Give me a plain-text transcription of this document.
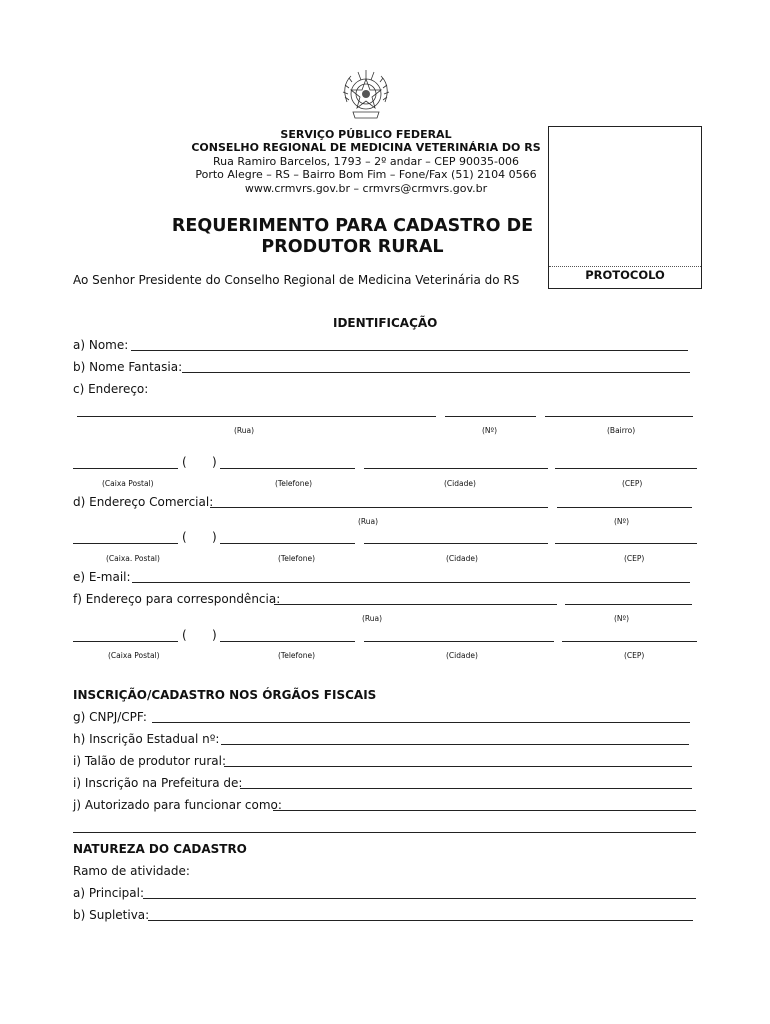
SERVIÇO PÚBLICO FEDERAL
CONSELHO REGIONAL DE MEDICINA VETERINÁRIA DO RS
Rua Ramiro Barcelos, 1793 – 2º andar – CEP 90035-006
Porto Alegre – RS – Bairro Bom Fim – Fone/Fax (51) 2104 0566
www.crmvrs.gov.br – crmvrs@crmvrs.gov.br
REQUERIMENTO PARA CADASTRO DE
PRODUTOR RURAL
PROTOCOLO
Ao Senhor Presidente do Conselho Regional de Medicina Veterinária do RS
IDENTIFICAÇÃO
a) Nome:
b) Nome Fantasia:
c) Endereço:
(Rua)	(Nº)	(Bairro)
( )
(Caixa Postal)	(Telefone)	(Cidade)	(CEP)
d) Endereço Comercial:
(Rua)	(Nº)
( )
(Caixa. Postal)	(Telefone)	(Cidade)	(CEP)
e) E-mail:
f) Endereço para correspondência:
(Rua)	(Nº)
( )
(Caixa Postal)	(Telefone)	(Cidade)	(CEP)
INSCRIÇÃO/CADASTRO NOS ÓRGÃOS FISCAIS
g) CNPJ/CPF:
h) Inscrição Estadual nº:
i) Talão de produtor rural:
i) Inscrição na Prefeitura de:
j) Autorizado para funcionar como:
NATUREZA DO CADASTRO
Ramo de atividade:
a) Principal:
b) Supletiva:
